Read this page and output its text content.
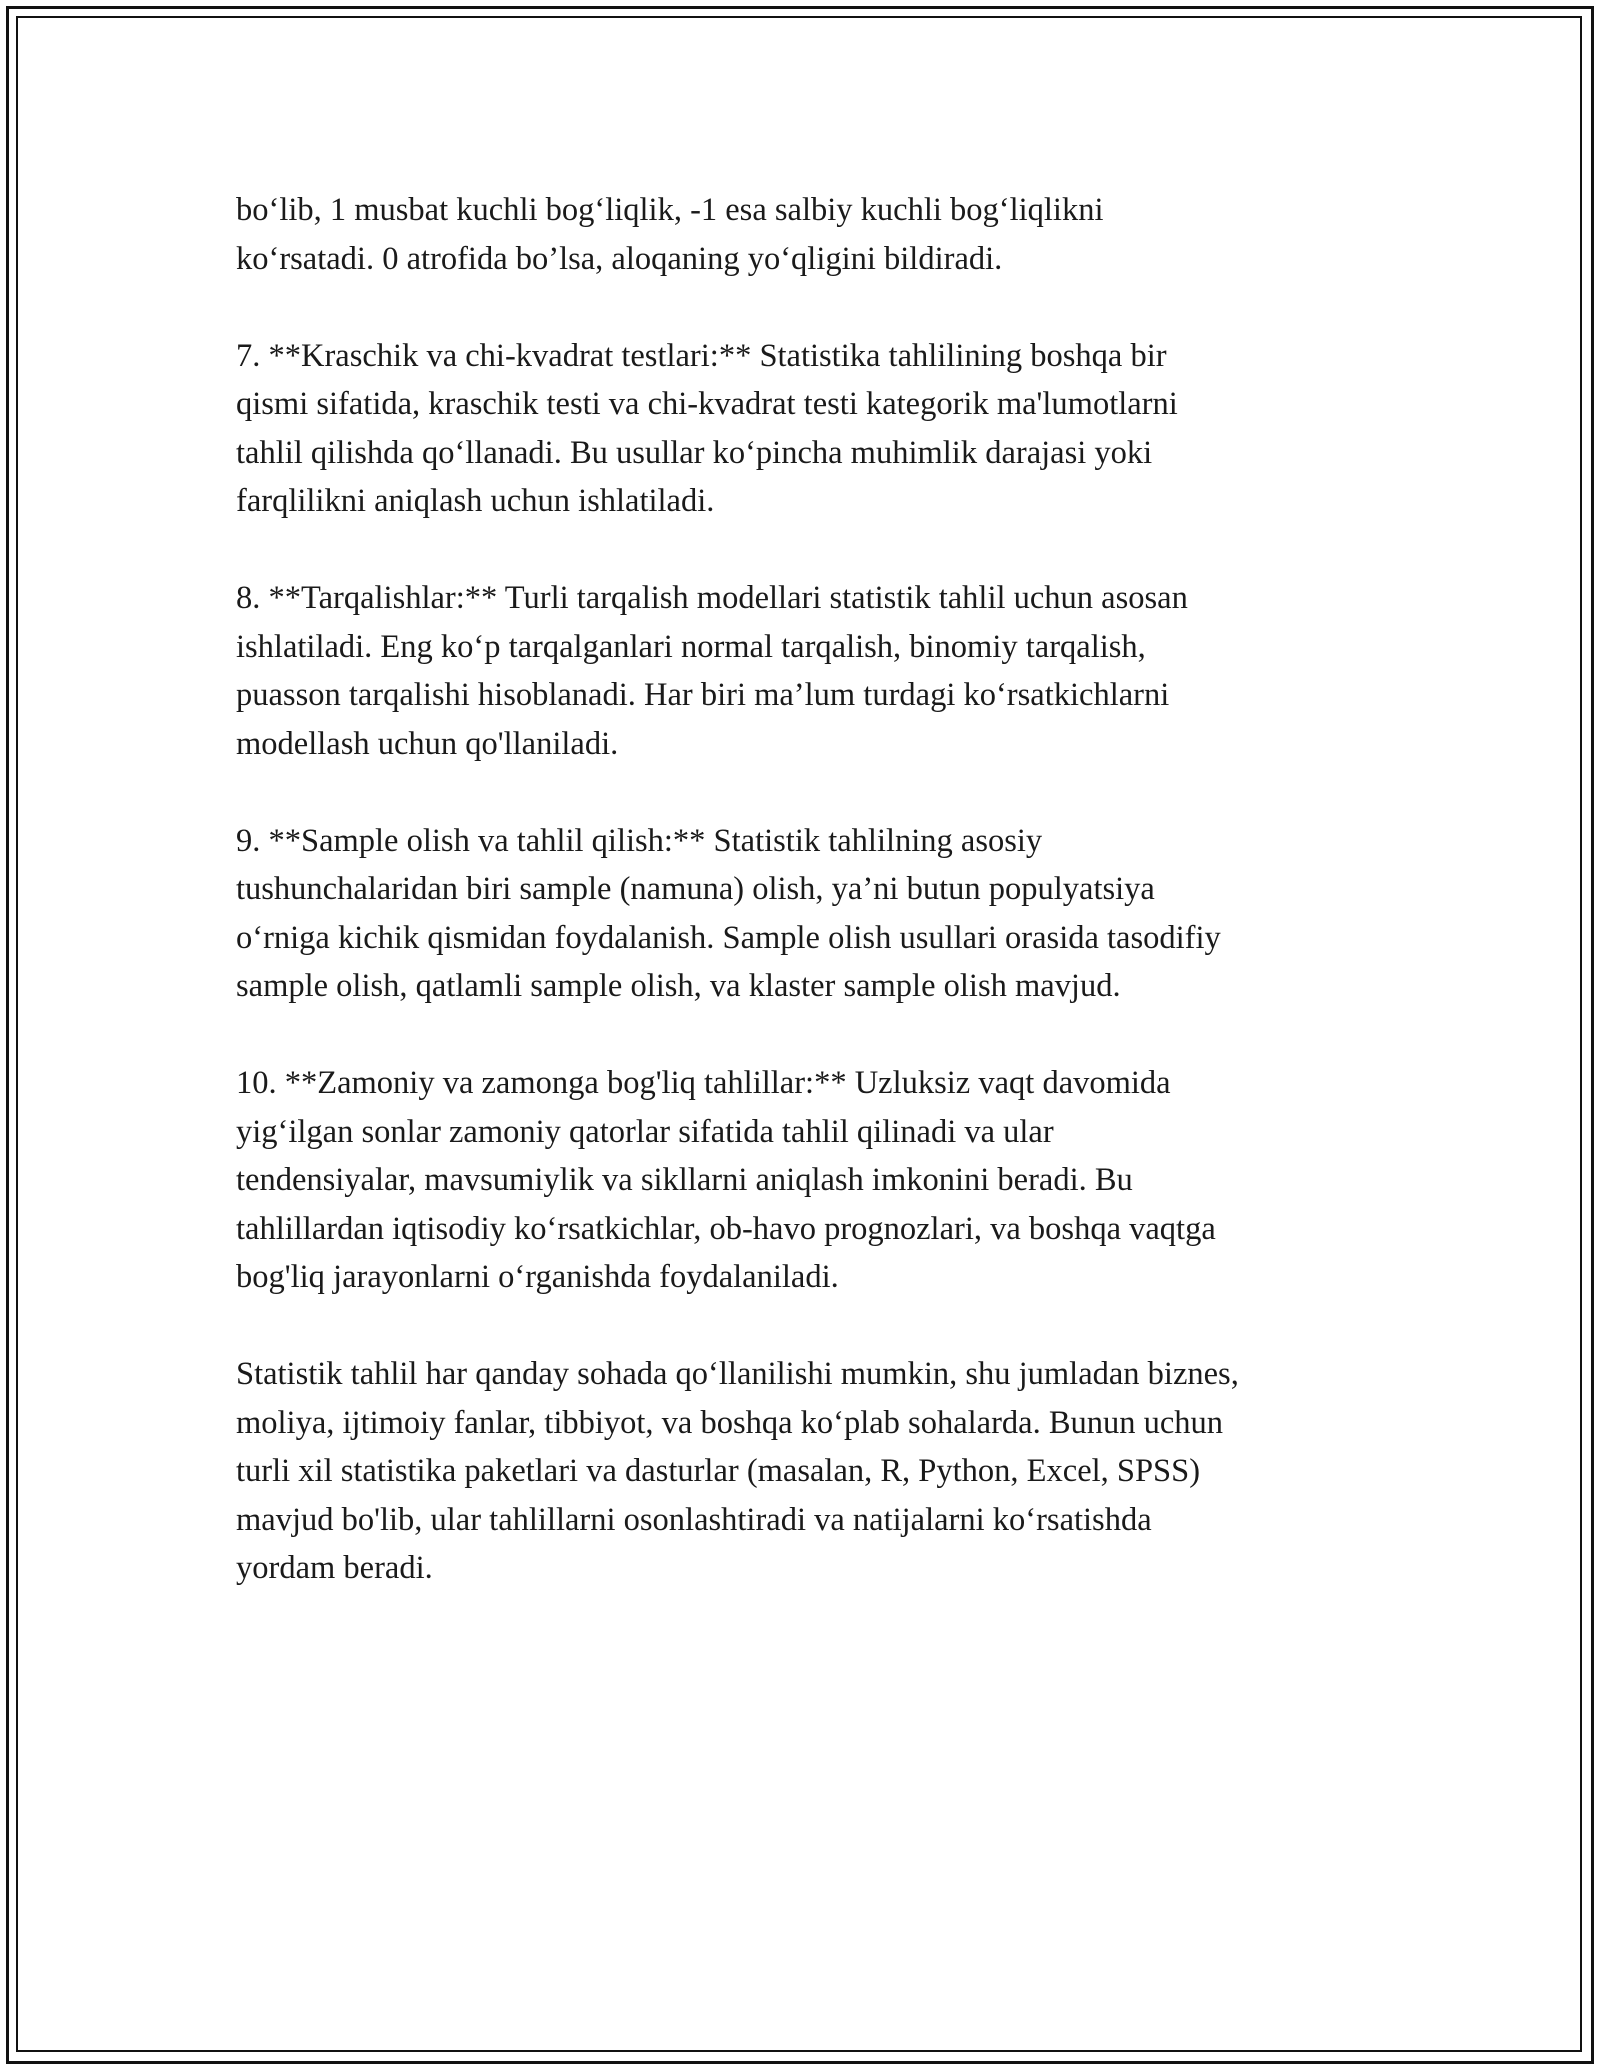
bo‘lib, 1 musbat kuchli bog‘liqlik, -1 esa salbiy kuchli bog‘liqlikni
ko‘rsatadi. 0 atrofida bo’lsa, aloqaning yo‘qligini bildiradi.

7. **Kraschik va chi-kvadrat testlari:** Statistika tahlilining boshqa bir
qismi sifatida, kraschik testi va chi-kvadrat testi kategorik ma'lumotlarni
tahlil qilishda qo‘llanadi. Bu usullar ko‘pincha muhimlik darajasi yoki
farqlilikni aniqlash uchun ishlatiladi.

8. **Tarqalishlar:** Turli tarqalish modellari statistik tahlil uchun asosan
ishlatiladi. Eng ko‘p tarqalganlari normal tarqalish, binomiy tarqalish,
puasson tarqalishi hisoblanadi. Har biri ma’lum turdagi ko‘rsatkichlarni
modellash uchun qo'llaniladi.

9. **Sample olish va tahlil qilish:** Statistik tahlilning asosiy
tushunchalaridan biri sample (namuna) olish, ya’ni butun populyatsiya
o‘rniga kichik qismidan foydalanish. Sample olish usullari orasida tasodifiy
sample olish, qatlamli sample olish, va klaster sample olish mavjud.

10. **Zamoniy va zamonga bog'liq tahlillar:** Uzluksiz vaqt davomida
yig‘ilgan sonlar zamoniy qatorlar sifatida tahlil qilinadi va ular
tendensiyalar, mavsumiylik va sikllarni aniqlash imkonini beradi. Bu
tahlillardan iqtisodiy ko‘rsatkichlar, ob-havo prognozlari, va boshqa vaqtga
bog'liq jarayonlarni o‘rganishda foydalaniladi.

Statistik tahlil har qanday sohada qo‘llanilishi mumkin, shu jumladan biznes,
moliya, ijtimoiy fanlar, tibbiyot, va boshqa ko‘plab sohalarda. Bunun uchun
turli xil statistika paketlari va dasturlar (masalan, R, Python, Excel, SPSS)
mavjud bo'lib, ular tahlillarni osonlashtiradi va natijalarni ko‘rsatishda
yordam beradi.
